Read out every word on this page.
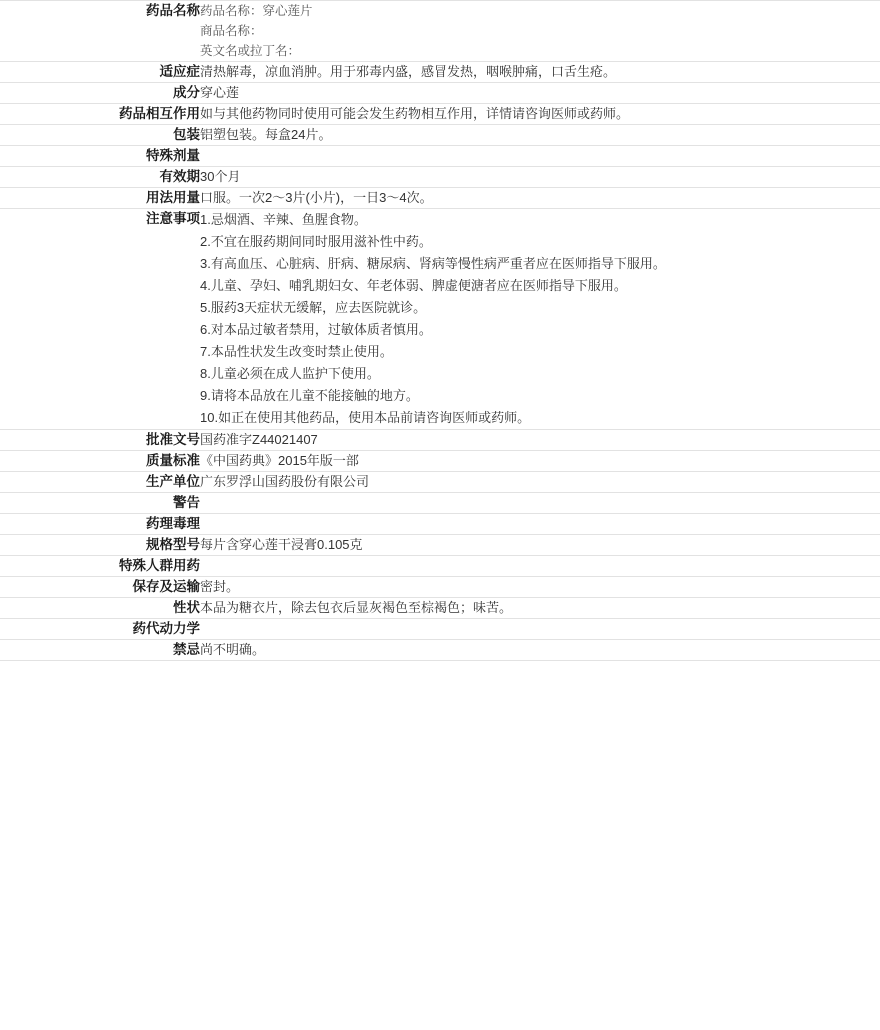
药品名称	药品名称：穿心莲片
商品名称：
英文名或拉丁名：

适应症	清热解毒，凉血消肿。用于邪毒内盛，感冒发热，咽喉肿痛，口舌生疮。
成分	穿心莲
药品相互作用	如与其他药物同时使用可能会发生药物相互作用，详情请咨询医师或药师。
包装	铝塑包装。每盒24片。
特殊剂量	
有效期	30个月
用法用量	口服。一次2～3片(小片)，一日3～4次。
注意事项	1.忌烟酒、辛辣、鱼腥食物。
2.不宜在服药期间同时服用滋补性中药。
3.有高血压、心脏病、肝病、糖尿病、肾病等慢性病严重者应在医师指导下服用。
4.儿童、孕妇、哺乳期妇女、年老体弱、脾虚便溏者应在医师指导下服用。
5.服药3天症状无缓解，应去医院就诊。
6.对本品过敏者禁用，过敏体质者慎用。
7.本品性状发生改变时禁止使用。
8.儿童必须在成人监护下使用。
9.请将本品放在儿童不能接触的地方。
10.如正在使用其他药品，使用本品前请咨询医师或药师。

批准文号	国药准字Z44021407
质量标准	《中国药典》2015年版一部
生产单位	广东罗浮山国药股份有限公司
警告	
药理毒理	
规格型号	每片含穿心莲干浸膏0.105克
特殊人群用药	
保存及运输	密封。
性状	本品为糖衣片，除去包衣后显灰褐色至棕褐色；味苦。
药代动力学	
禁忌	尚不明确。
